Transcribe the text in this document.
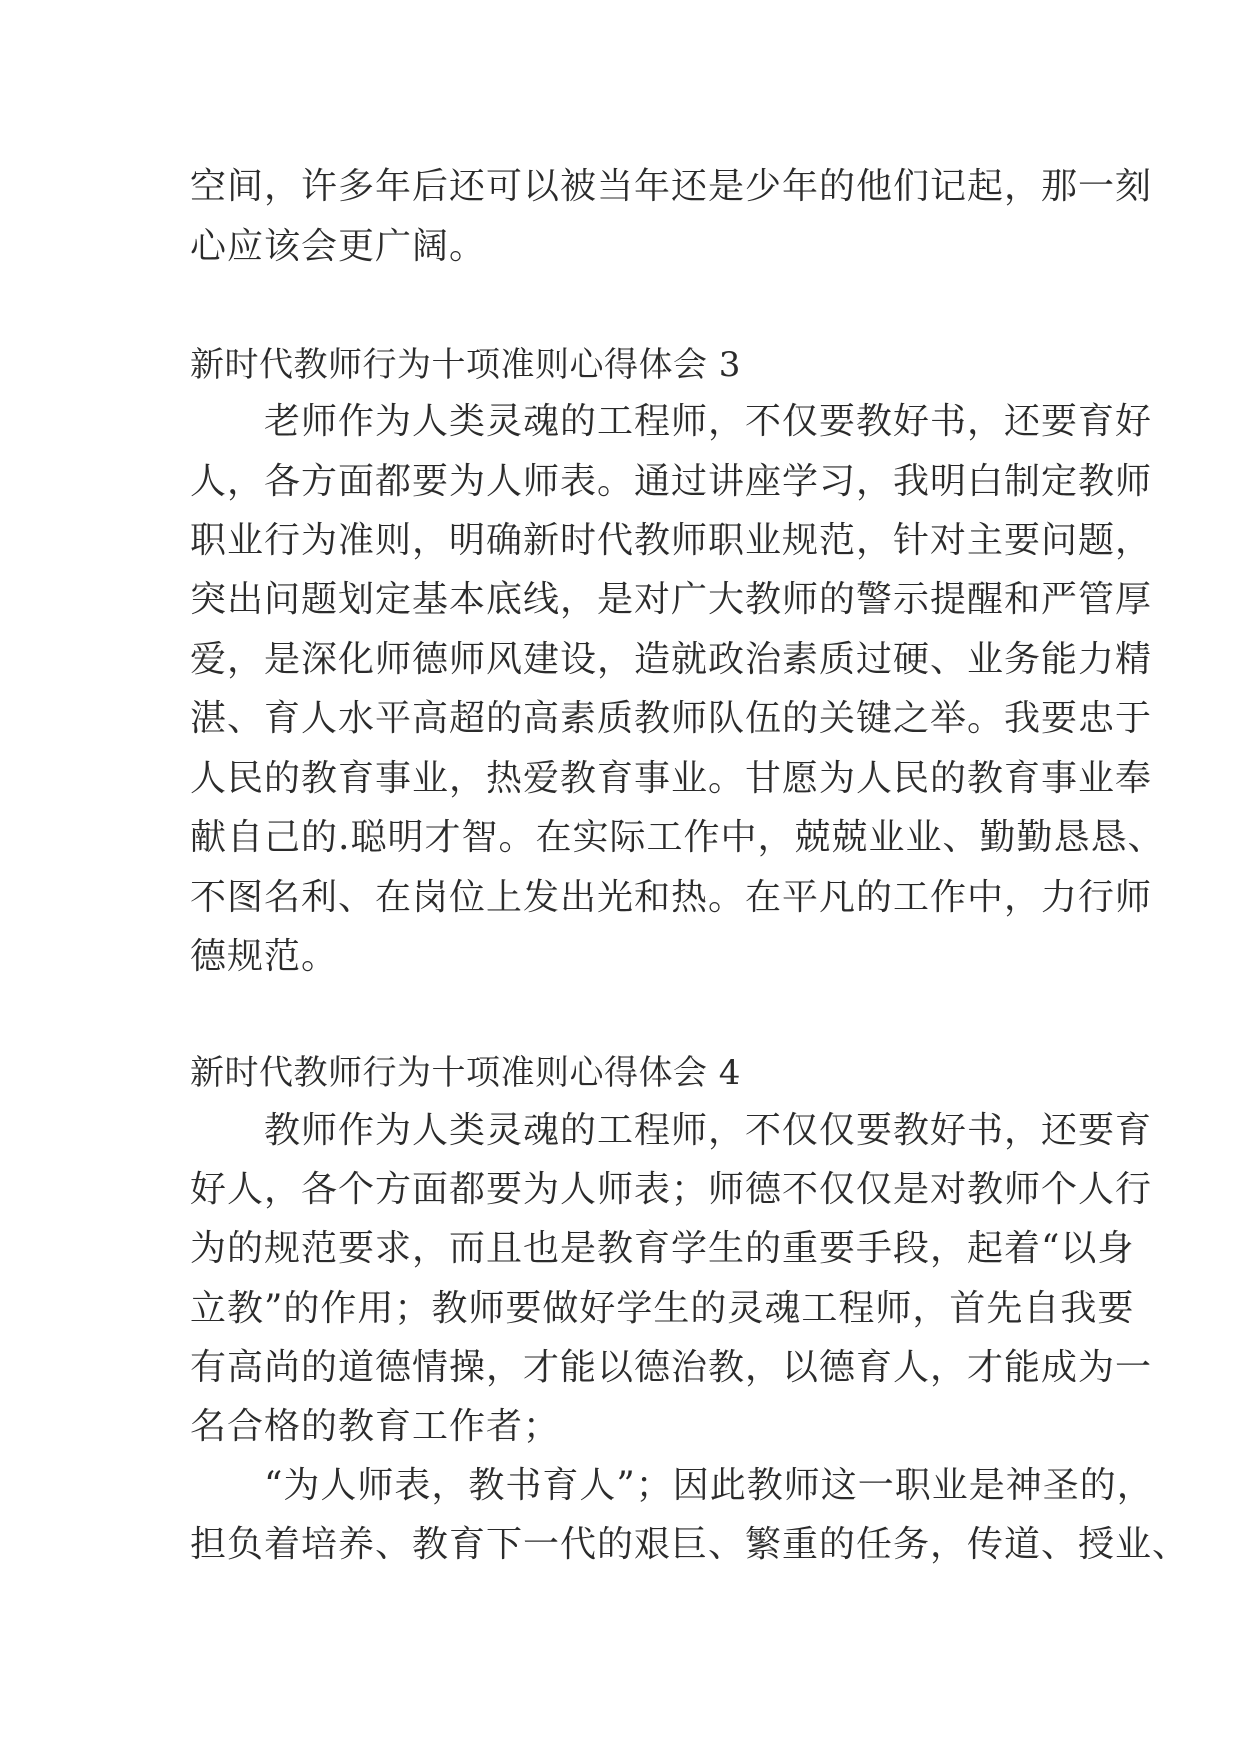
空间，许多年后还可以被当年还是少年的他们记起，那一刻

心应该会更广阔。

新时代教师行为十项准则心得体会 3

　　老师作为人类灵魂的工程师，不仅要教好书，还要育好

人，各方面都要为人师表。通过讲座学习，我明白制定教师

职业行为准则，明确新时代教师职业规范，针对主要问题，

突出问题划定基本底线，是对广大教师的警示提醒和严管厚

爱，是深化师德师风建设，造就政治素质过硬、业务能力精

湛、育人水平高超的高素质教师队伍的关键之举。我要忠于

人民的教育事业，热爱教育事业。甘愿为人民的教育事业奉

献自己的.聪明才智。在实际工作中，兢兢业业、勤勤恳恳、

不图名利、在岗位上发出光和热。在平凡的工作中，力行师

德规范。

新时代教师行为十项准则心得体会 4

　　教师作为人类灵魂的工程师，不仅仅要教好书，还要育

好人，各个方面都要为人师表；师德不仅仅是对教师个人行

为的规范要求，而且也是教育学生的重要手段，起着“以身

立教”的作用；教师要做好学生的灵魂工程师，首先自我要

有高尚的道德情操，才能以德治教，以德育人，才能成为一

名合格的教育工作者；

　　“为人师表，教书育人”；因此教师这一职业是神圣的，

担负着培养、教育下一代的艰巨、繁重的任务，传道、授业、
